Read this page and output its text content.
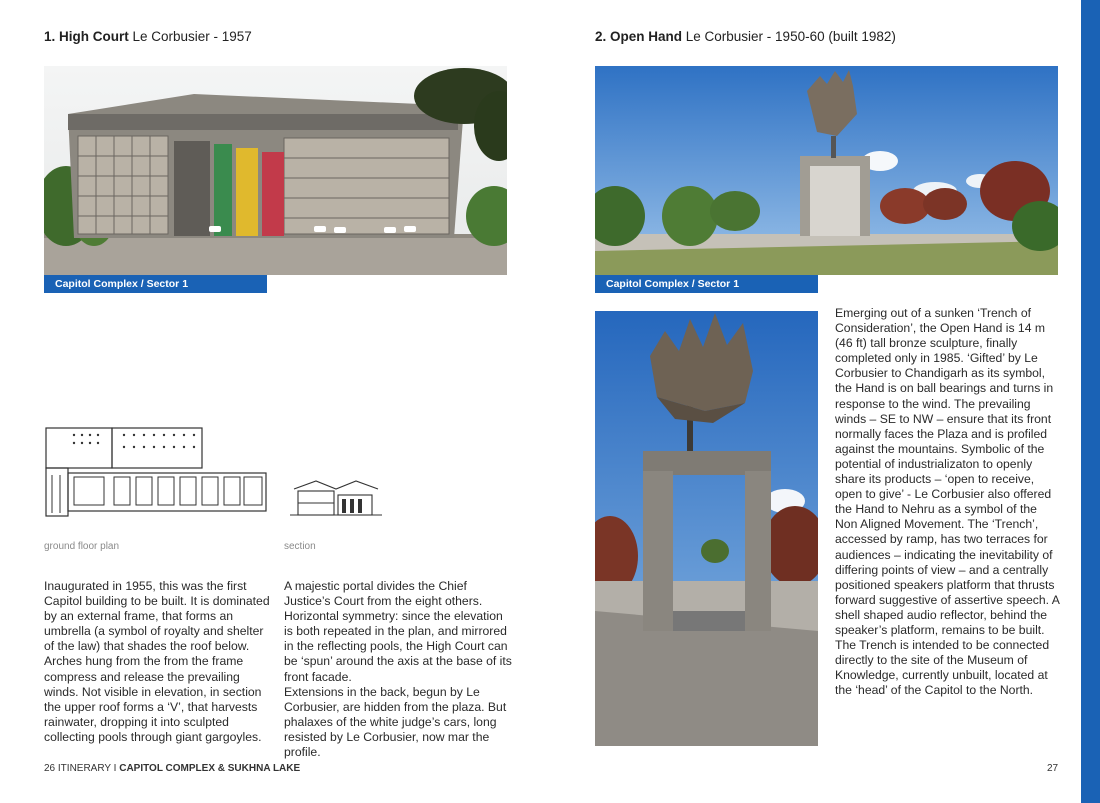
1. High Court Le Corbusier - 1957
Capitol Complex / Sector 1
ground floor plan	section

Inaugurated in 1955, this was the first Capitol building to be built. It is dominated by an external frame, that forms an umbrella (a symbol of royalty and shelter of the law) that shades the roof below. Arches hung from the from the frame compress and release the prevailing winds. Not visible in elevation, in section the upper roof forms a ‘V’, that harvests rainwater, dropping it into sculpted collecting pools through giant gargoyles.

A majestic portal divides the Chief Justice’s Court from the eight others. Horizontal symmetry: since the elevation is both repeated in the plan, and mirrored in the reflecting pools, the High Court can be ‘spun’ around the axis at the base of its front facade.

Extensions in the back, begun by Le Corbusier, are hidden from the plaza. But phalaxes of the white judge’s cars, long resisted by Le Corbusier, now mar the profile.

26 ITINERARY I CAPITOL COMPLEX & SUKHNA LAKE
2. Open Hand Le Corbusier - 1950-60 (built 1982)
Capitol Complex / Sector 1

Emerging out of a sunken ‘Trench of Consideration’, the Open Hand is 14 m (46 ft) tall bronze sculpture, finally completed only in 1985. ‘Gifted’ by Le Corbusier to Chandigarh as its symbol, the Hand is on ball bearings and turns in response to the wind. The prevailing winds – SE to NW – ensure that its front normally faces the Plaza and is profiled against the mountains. Symbolic of the potential of industrializaton to openly share its products – ‘open to receive, open to give’ - Le Corbusier also offered the Hand to Nehru as a symbol of the Non Aligned Movement. The ‘Trench’, accessed by ramp, has two terraces for audiences – indicating the inevitability of differing points of view – and a centrally positioned speakers platform that thrusts forward suggestive of assertive speech. A shell shaped audio reflector, behind the speaker’s platform, remains to be built.

The Trench is intended to be connected directly to the site of the Museum of Knowledge, currently unbuilt, located at the ‘head’ of the Capitol to the North.

27
